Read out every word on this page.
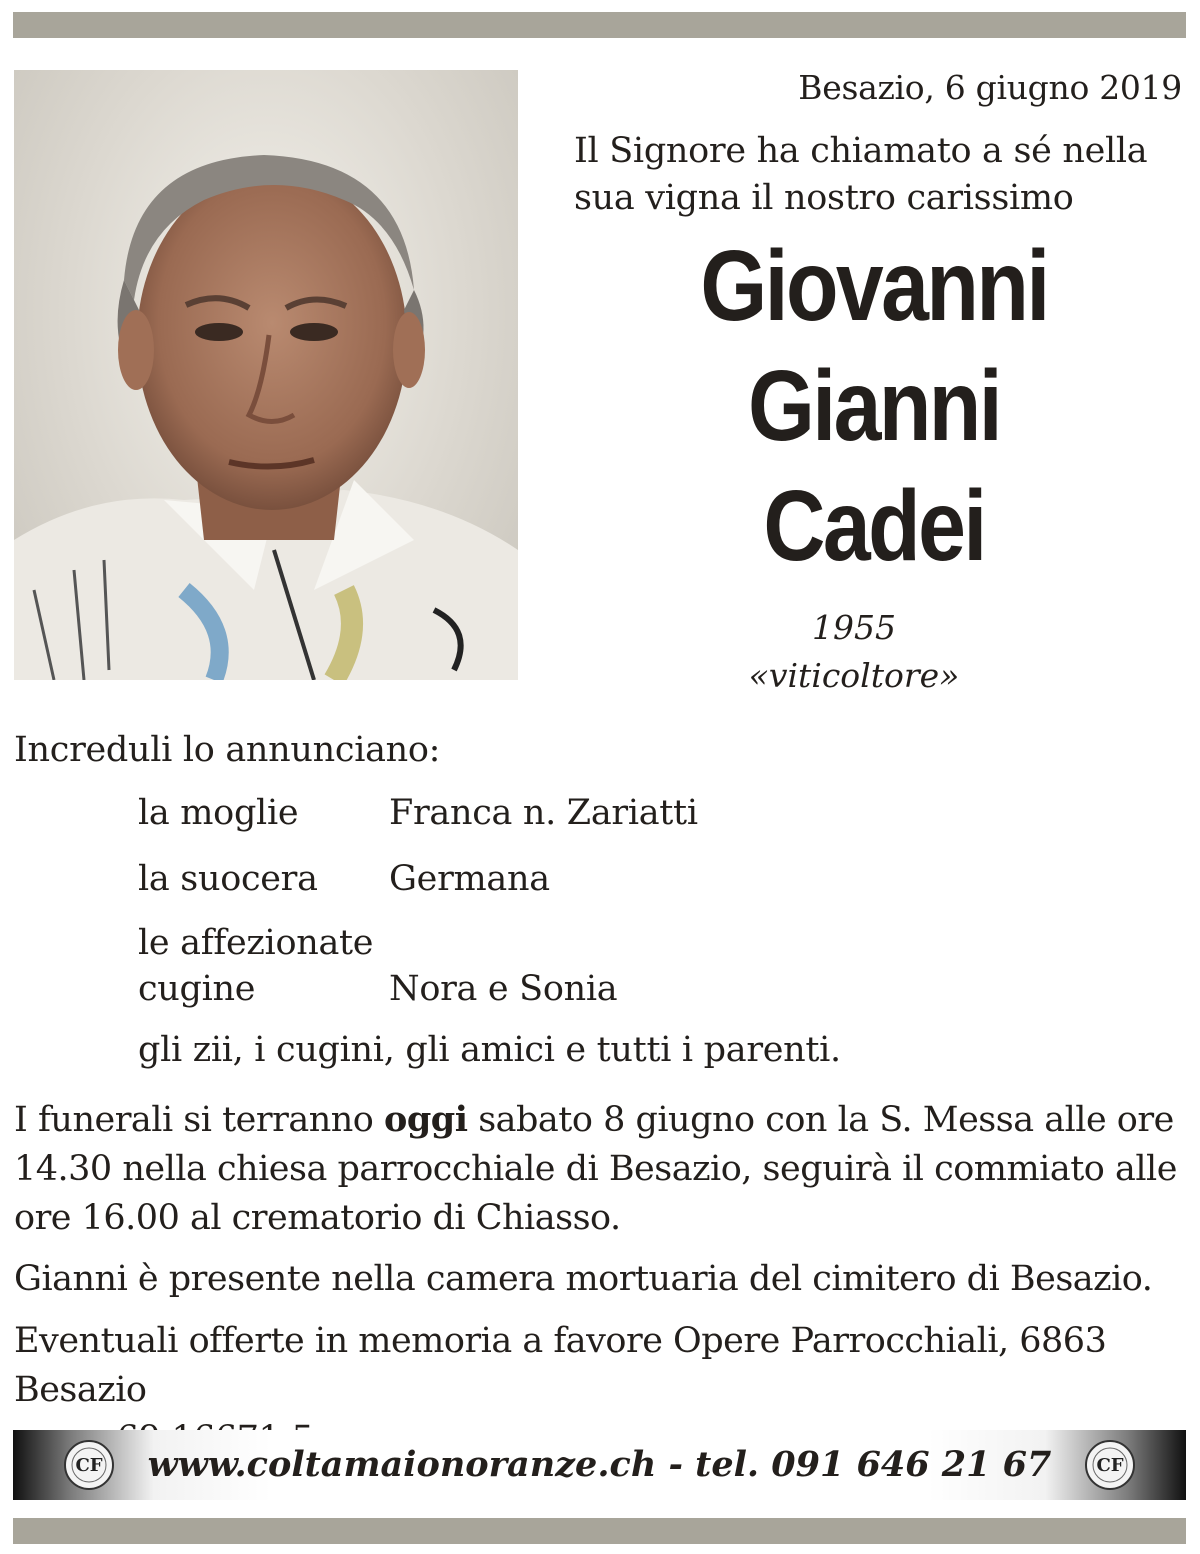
Besazio, 6 giugno 2019
Il Signore ha chiamato a sé nella sua vigna il nostro carissimo
Giovanni
Gianni
Cadei
1955
«viticoltore»
Increduli lo annunciano:
la moglie	Franca n. Zariatti
la suocera Germana
le affezionate
cugine	Nora e Sonia
gli zii, i cugini, gli amici e tutti i parenti.
I funerali si terranno oggi sabato 8 giugno con la S. Messa alle ore 14.30 nella chiesa parrocchiale di Besazio, seguirà il commiato alle ore 16.00 al crematorio di Chiasso.
Gianni è presente nella camera mortuaria del cimitero di Besazio.
Eventuali offerte in memoria a favore Opere Parrocchiali, 6863 Besazio
CF	www.coltamaionoranze.ch - tel. 091 646 21 67	CF
